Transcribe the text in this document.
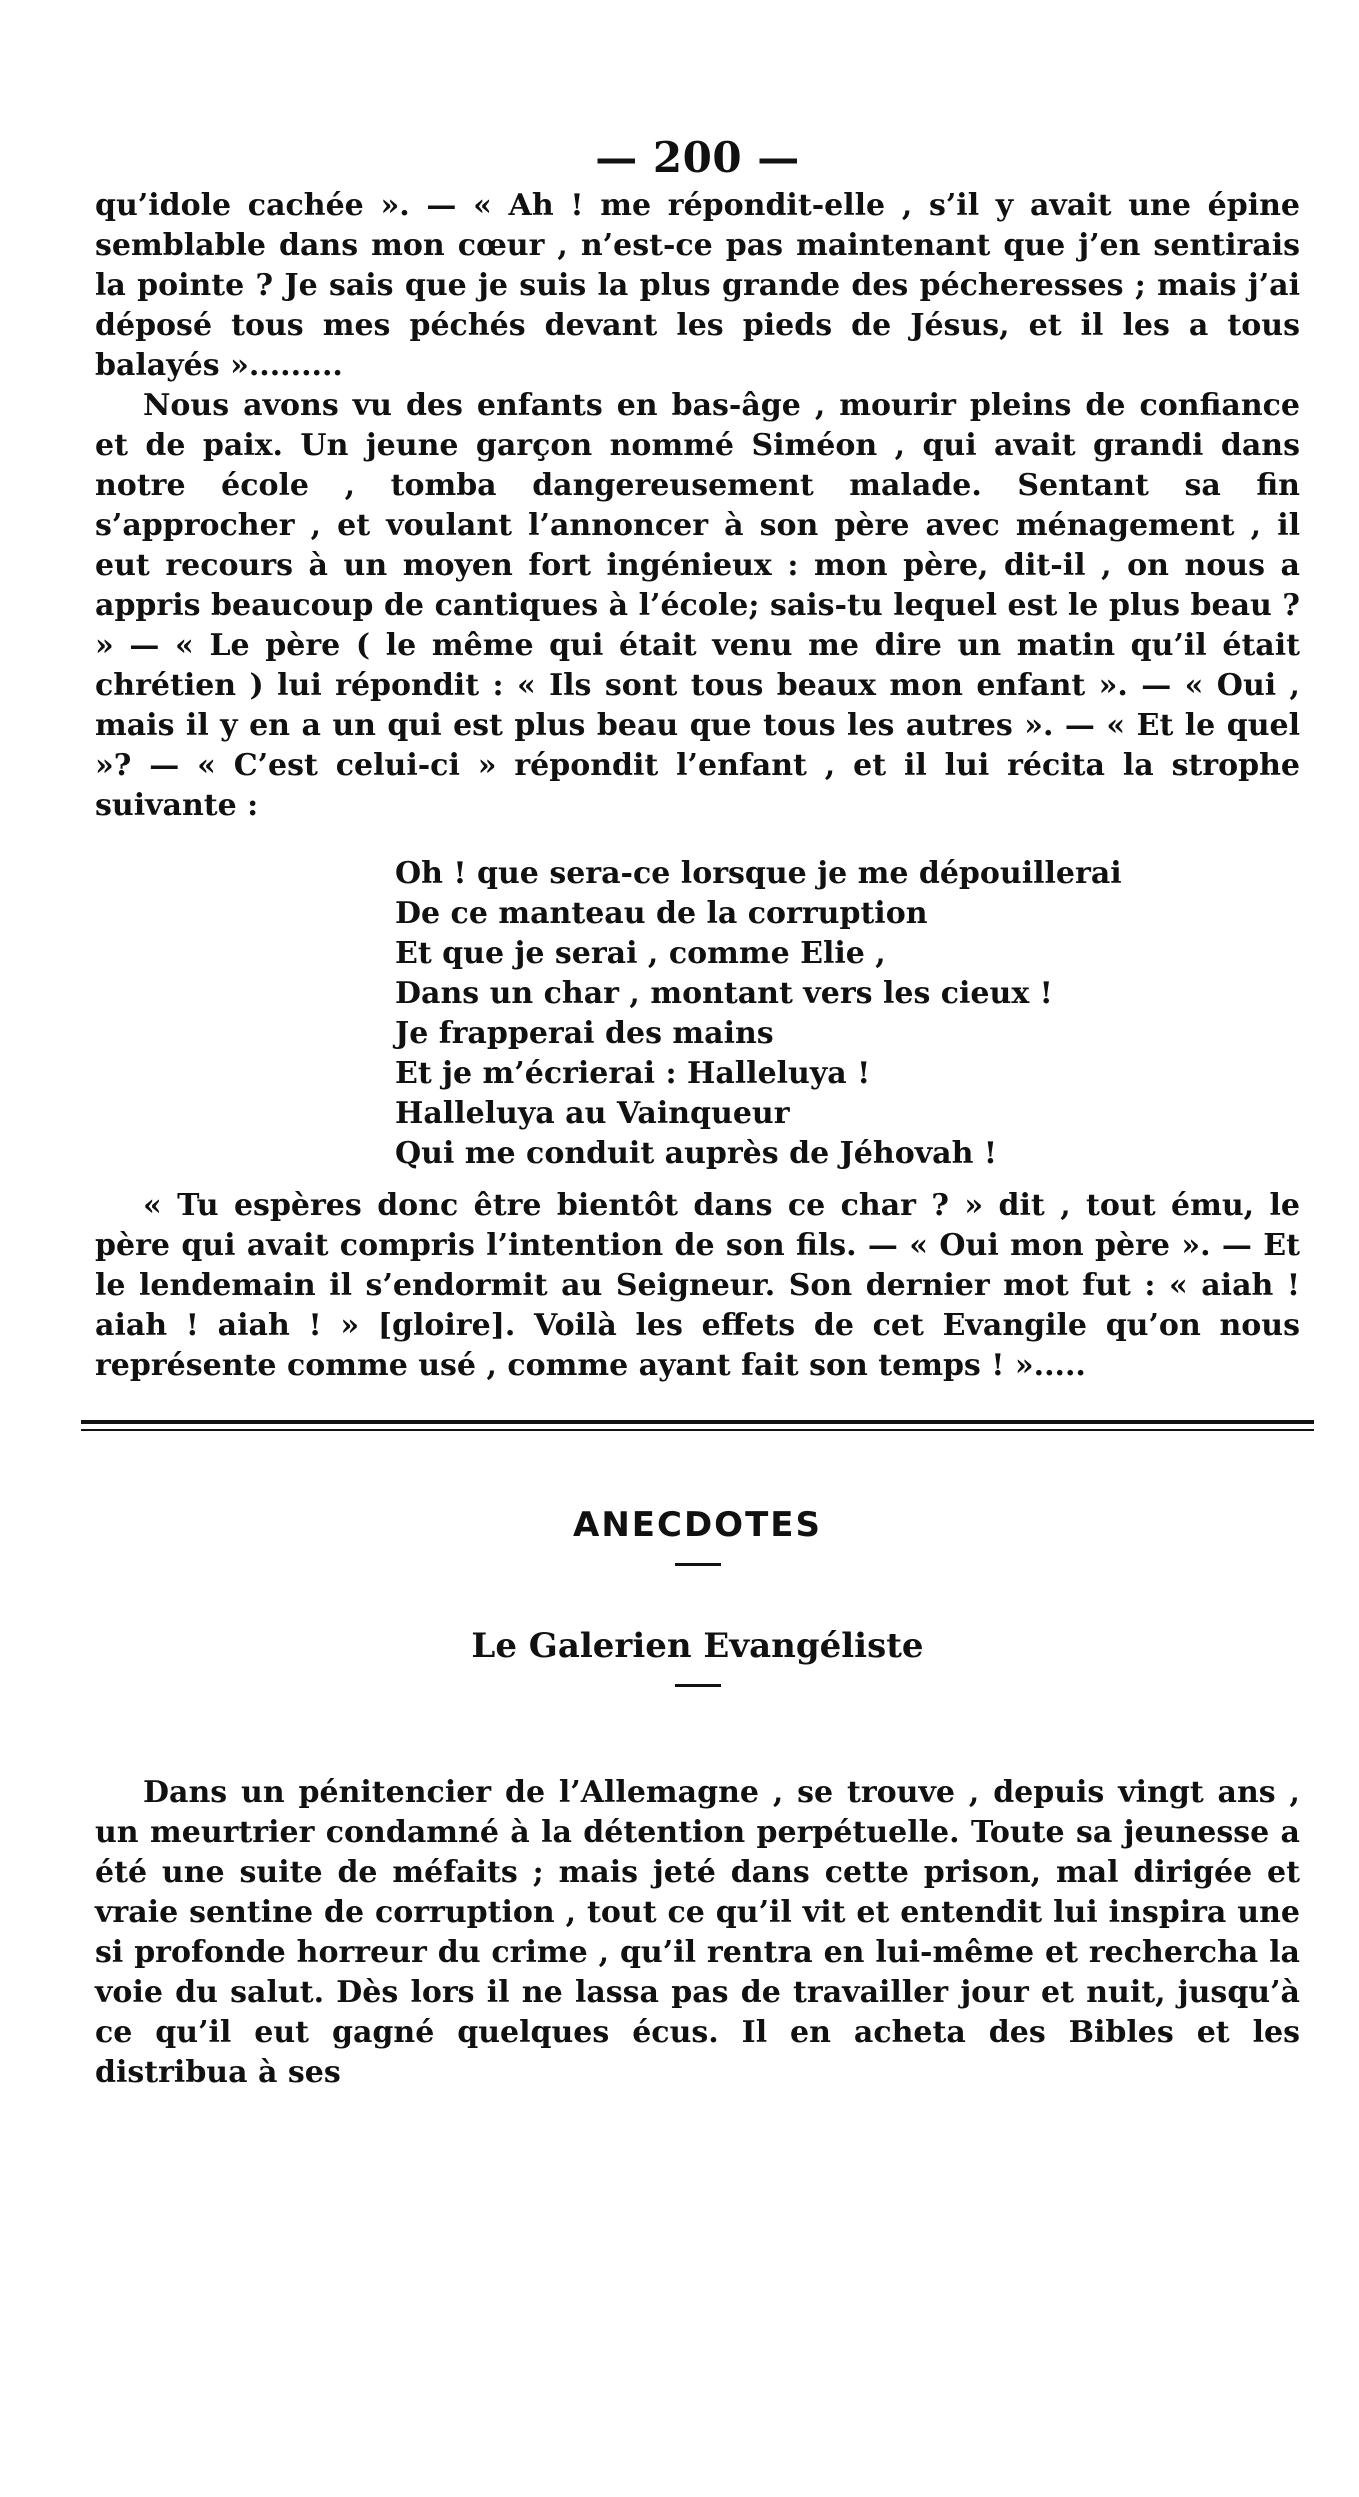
— 200 —

qu’idole cachée ». — « Ah ! me répondit-elle , s’il y avait une épine semblable dans mon cœur , n’est-ce pas maintenant que j’en sentirais la pointe ? Je sais que je suis la plus grande des pécheresses ; mais j’ai déposé tous mes péchés devant les pieds de Jésus, et il les a tous balayés ».........

Nous avons vu des enfants en bas-âge , mourir pleins de confiance et de paix. Un jeune garçon nommé Siméon , qui avait grandi dans notre école , tomba dangereusement malade. Sentant sa fin s’approcher , et voulant l’annoncer à son père avec ménagement , il eut recours à un moyen fort ingénieux : mon père, dit-il , on nous a appris beaucoup de cantiques à l’école; sais-tu lequel est le plus beau ? » — « Le père ( le même qui était venu me dire un matin qu’il était chrétien ) lui répondit : « Ils sont tous beaux mon enfant ». — « Oui , mais il y en a un qui est plus beau que tous les autres ». — « Et le quel »? — « C’est celui-ci » répondit l’enfant , et il lui récita la strophe suivante :

Oh ! que sera-ce lorsque je me dépouillerai
De ce manteau de la corruption
Et que je serai , comme Elie ,
Dans un char , montant vers les cieux !
Je frapperai des mains
Et je m’écrierai : Halleluya !
Halleluya au Vainqueur
Qui me conduit auprès de Jéhovah !

« Tu espères donc être bientôt dans ce char ? » dit , tout ému, le père qui avait compris l’intention de son fils. — « Oui mon père ». — Et le lendemain il s’endormit au Seigneur. Son dernier mot fut : « aiah ! aiah ! aiah ! » [gloire]. Voilà les effets de cet Evangile qu’on nous représente comme usé , comme ayant fait son temps ! ».....

ANECDOTES
Le Galerien Evangéliste

Dans un pénitencier de l’Allemagne , se trouve , depuis vingt ans , un meurtrier condamné à la détention perpétuelle. Toute sa jeunesse a été une suite de méfaits ; mais jeté dans cette prison, mal dirigée et vraie sentine de corruption , tout ce qu’il vit et entendit lui inspira une si profonde horreur du crime , qu’il rentra en lui-même et rechercha la voie du salut. Dès lors il ne lassa pas de travailler jour et nuit, jusqu’à ce qu’il eut gagné quelques écus. Il en acheta des Bibles et les distribua à ses
